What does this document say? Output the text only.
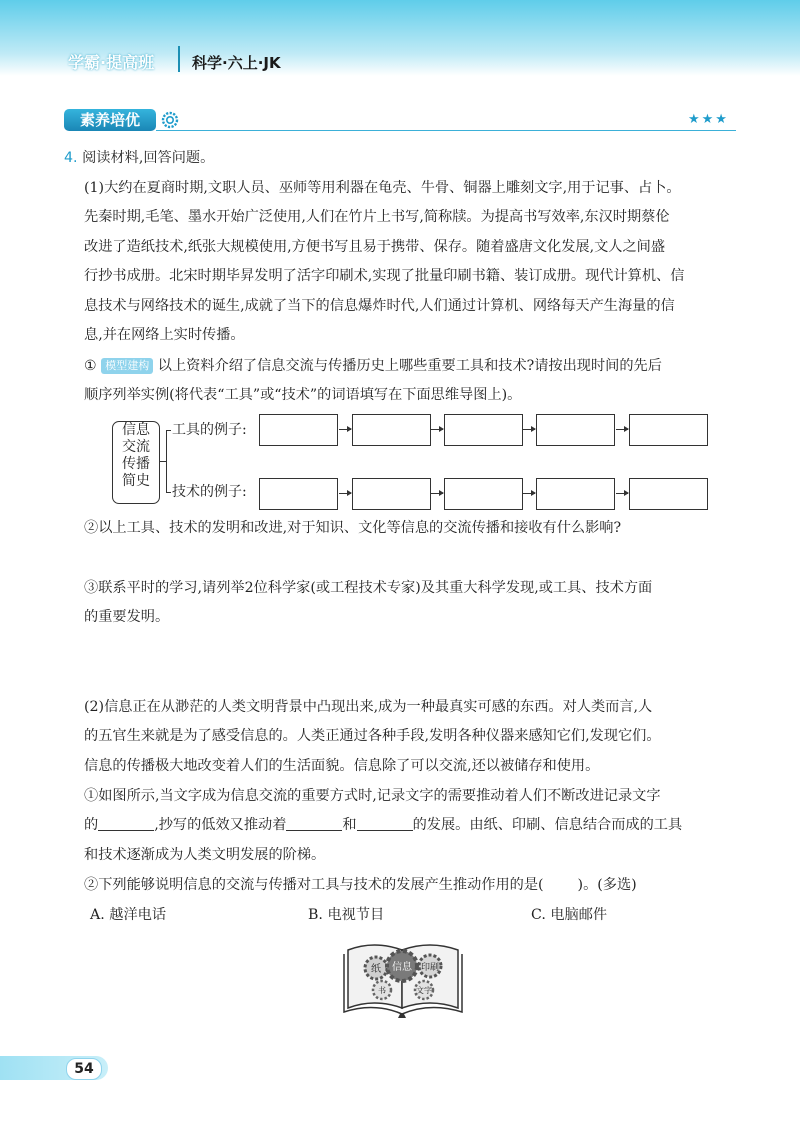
学霸·提高班	科学·六上·JK
素养培优	★★★
4. 阅读材料,回答问题。
(1)大约在夏商时期,文职人员、巫师等用利器在龟壳、牛骨、铜器上雕刻文字,用于记事、占卜。
先秦时期,毛笔、墨水开始广泛使用,人们在竹片上书写,简称牍。为提高书写效率,东汉时期蔡伦
改进了造纸技术,纸张大规模使用,方便书写且易于携带、保存。随着盛唐文化发展,文人之间盛
行抄书成册。北宋时期毕昇发明了活字印刷术,实现了批量印刷书籍、装订成册。现代计算机、信
息技术与网络技术的诞生,成就了当下的信息爆炸时代,人们通过计算机、网络每天产生海量的信
息,并在网络上实时传播。
① 模型建构 以上资料介绍了信息交流与传播历史上哪些重要工具和技术?请按出现时间的先后
顺序列举实例(将代表“工具”或“技术”的词语填写在下面思维导图上)。
信息
交流
传播
简史
工具的例子:
技术的例子:
②以上工具、技术的发明和改进,对于知识、文化等信息的交流传播和接收有什么影响?
③联系平时的学习,请列举2位科学家(或工程技术专家)及其重大科学发现,或工具、技术方面
的重要发明。
(2)信息正在从渺茫的人类文明背景中凸现出来,成为一种最真实可感的东西。对人类而言,人
的五官生来就是为了感受信息的。人类正通过各种手段,发明各种仪器来感知它们,发现它们。
信息的传播极大地改变着人们的生活面貌。信息除了可以交流,还以被储存和使用。
①如图所示,当文字成为信息交流的重要方式时,记录文字的需要推动着人们不断改进记录文字
的	,抄写的低效又推动着	和	的发展。由纸、印刷、信息结合而成的工具
和技术逐渐成为人类文明发展的阶梯。
②下列能够说明信息的交流与传播对工具与技术的发展产生推动作用的是( )。(多选)
A. 越洋电话	B. 电视节目	C. 电脑邮件
纸 信息 印刷
书	文字
54
